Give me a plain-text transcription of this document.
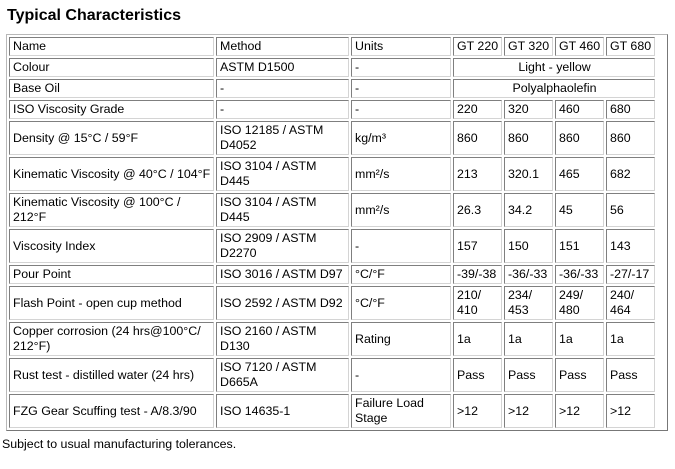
Typical Characteristics
Name	Method	Units	GT 220	GT 320	GT 460	GT 680	
Colour	ASTM D1500	-	Light - yellow				
Base Oil	-	-	Polyalphaolefin				
ISO Viscosity Grade	-	-	220	320	460	680	
Density @ 15°C / 59°F	ISO 12185 / ASTM D4052	kg/m³	860	860	860	860	
Kinematic Viscosity @ 40°C / 104°F	ISO 3104 / ASTM D445	mm²/s	213	320.1	465	682	
Kinematic Viscosity @ 100°C / 212°F	ISO 3104 / ASTM D445	mm²/s	26.3	34.2	45	56	
Viscosity Index	ISO 2909 / ASTM D2270	-	157	150	151	143	
Pour Point	ISO 3016 / ASTM D97	°C/°F	-39/-38	-36/-33	-36/-33	-27/-17	
Flash Point - open cup method	ISO 2592 / ASTM D92	°C/°F	210/ 410	234/ 453	249/ 480	240/ 464	
Copper corrosion (24 hrs@100°C/ 212°F)	ISO 2160 / ASTM D130	Rating	1a	1a	1a	1a	
Rust test - distilled water (24 hrs)	ISO 7120 / ASTM D665A	-	Pass	Pass	Pass	Pass	
FZG Gear Scuffing test - A/8.3/90	ISO 14635-1	Failure Load Stage	>12	>12	>12	>12	

Subject to usual manufacturing tolerances.
